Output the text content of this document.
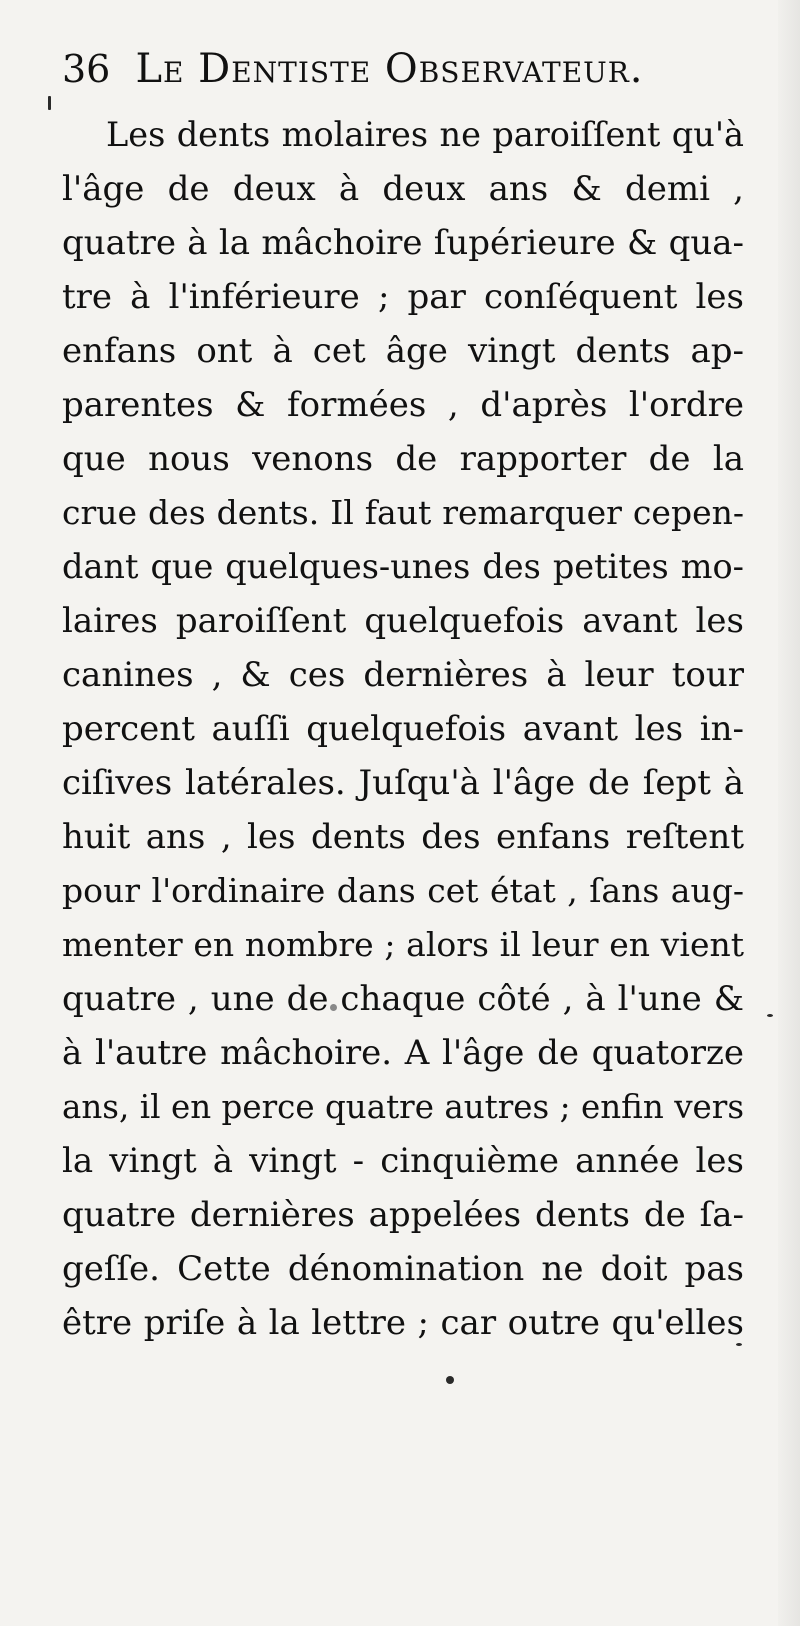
36 Le Dentiste Observateur.
Les dents molaires ne paroiſſent qu'à
l'âge de deux à deux ans & demi ,
quatre à la mâchoire ſupérieure & qua-
tre à l'inférieure ; par conſéquent les
enfans ont à cet âge vingt dents ap-
parentes & formées , d'après l'ordre
que nous venons de rapporter de la
crue des dents. Il faut remarquer cepen-
dant que quelques-unes des petites mo-
laires paroiſſent quelquefois avant les
canines , & ces dernières à leur tour
percent auſſi quelquefois avant les in-
ciſives latérales. Juſqu'à l'âge de ſept à
huit ans , les dents des enfans reſtent
pour l'ordinaire dans cet état , ſans aug-
menter en nombre ; alors il leur en vient
quatre , une de chaque côté , à l'une &
à l'autre mâchoire. A l'âge de quatorze
ans, il en perce quatre autres ; enfin vers
la vingt à vingt - cinquième année les
quatre dernières appelées dents de ſa-
geſſe. Cette dénomination ne doit pas
être priſe à la lettre ; car outre qu'elles
